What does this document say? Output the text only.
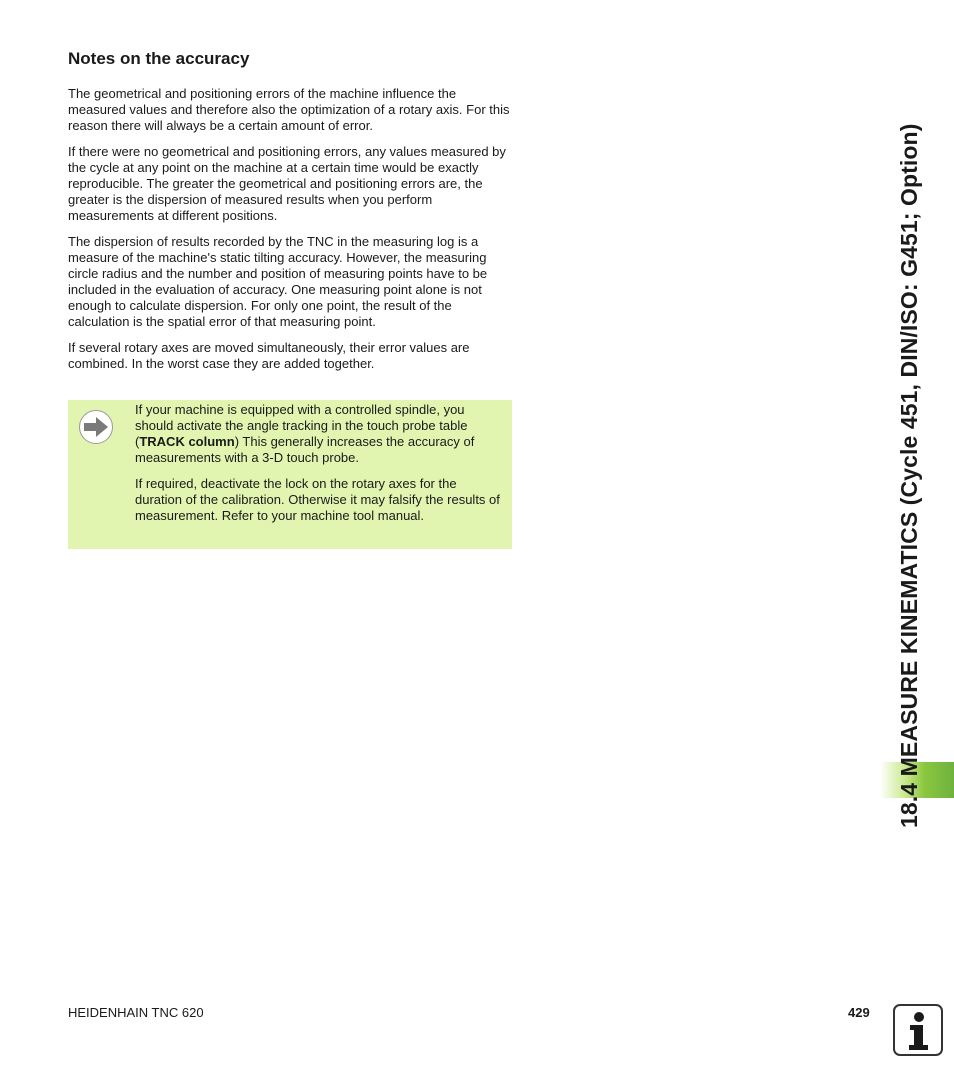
Notes on the accuracy

The geometrical and positioning errors of the machine influence the measured values and therefore also the optimization of a rotary axis. For this reason there will always be a certain amount of error.

If there were no geometrical and positioning errors, any values measured by the cycle at any point on the machine at a certain time would be exactly reproducible. The greater the geometrical and positioning errors are, the greater is the dispersion of measured results when you perform measurements at different positions.

The dispersion of results recorded by the TNC in the measuring log is a measure of the machine's static tilting accuracy. However, the measuring circle radius and the number and position of measuring points have to be included in the evaluation of accuracy. One measuring point alone is not enough to calculate dispersion. For only one point, the result of the calculation is the spatial error of that measuring point.

If several rotary axes are moved simultaneously, their error values are combined. In the worst case they are added together.

If your machine is equipped with a controlled spindle, you should activate the angle tracking in the touch probe table (TRACK column) This generally increases the accuracy of measurements with a 3-D touch probe.

If required, deactivate the lock on the rotary axes for the duration of the calibration. Otherwise it may falsify the results of measurement. Refer to your machine tool manual.	18.4 MEASURE KINEMATICS (Cycle 451, DIN/ISO: G451; Option)
HEIDENHAIN TNC 620	429
